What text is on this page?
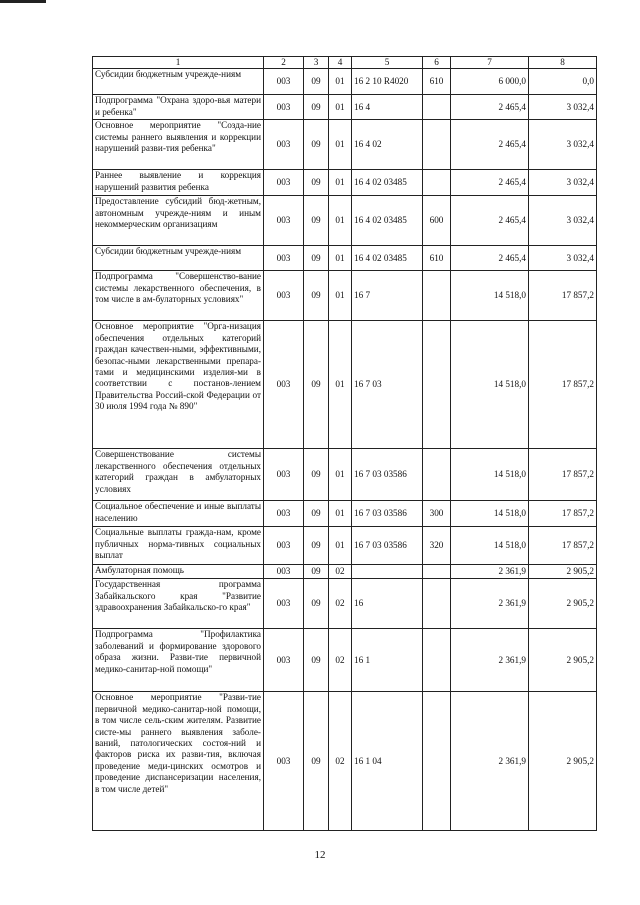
1	2	3	4	5	6	7	8
Субсидии бюджетным учрежде-ниям	003	09	01	16 2 10 R4020	610	6 000,0	0,0
Подпрограмма "Охрана здоро-вья матери и ребенка"	003	09	01	16 4		2 465,4	3 032,4
Основное мероприятие "Созда-ние системы раннего выявления и коррекции нарушений разви-тия ребенка"	003	09	01	16 4 02		2 465,4	3 032,4
Раннее выявление и коррекция нарушений развития ребенка	003	09	01	16 4 02 03485		2 465,4	3 032,4
Предоставление субсидий бюд-жетным, автономным учрежде-ниям и иным некоммерческим организациям	003	09	01	16 4 02 03485	600	2 465,4	3 032,4
Субсидии бюджетным учрежде-ниям	003	09	01	16 4 02 03485	610	2 465,4	3 032,4
Подпрограмма "Совершенство-вание системы лекарственного обеспечения, в том числе в ам-булаторных условиях"	003	09	01	16 7		14 518,0	17 857,2
Основное мероприятие "Орга-низация обеспечения отдельных категорий граждан качествен-ными, эффективными, безопас-ными лекарственными препара-тами и медицинскими изделия-ми в соответствии с постанов-лением Правительства Россий-ской Федерации от 30 июля 1994 года № 890"	003	09	01	16 7 03		14 518,0	17 857,2
Совершенствование системы лекарственного обеспечения отдельных категорий граждан в амбулаторных условиях	003	09	01	16 7 03 03586		14 518,0	17 857,2
Социальное обеспечение и иные выплаты населению	003	09	01	16 7 03 03586	300	14 518,0	17 857,2
Социальные выплаты гражда-нам, кроме публичных норма-тивных социальных выплат	003	09	01	16 7 03 03586	320	14 518,0	17 857,2
Амбулаторная помощь	003	09	02			2 361,9	2 905,2
Государственная программа Забайкальского края "Развитие здравоохранения Забайкальско-го края"	003	09	02	16		2 361,9	2 905,2
Подпрограмма "Профилактика заболеваний и формирование здорового образа жизни. Разви-тие первичной медико-санитар-ной помощи"	003	09	02	16 1		2 361,9	2 905,2
Основное мероприятие "Разви-тие первичной медико-санитар-ной помощи, в том числе сель-ским жителям. Развитие систе-мы раннего выявления заболе-ваний, патологических состоя-ний и факторов риска их разви-тия, включая проведение меди-цинских осмотров и проведение диспансеризации населения, в том числе детей"	003	09	02	16 1 04		2 361,9	2 905,2
12
